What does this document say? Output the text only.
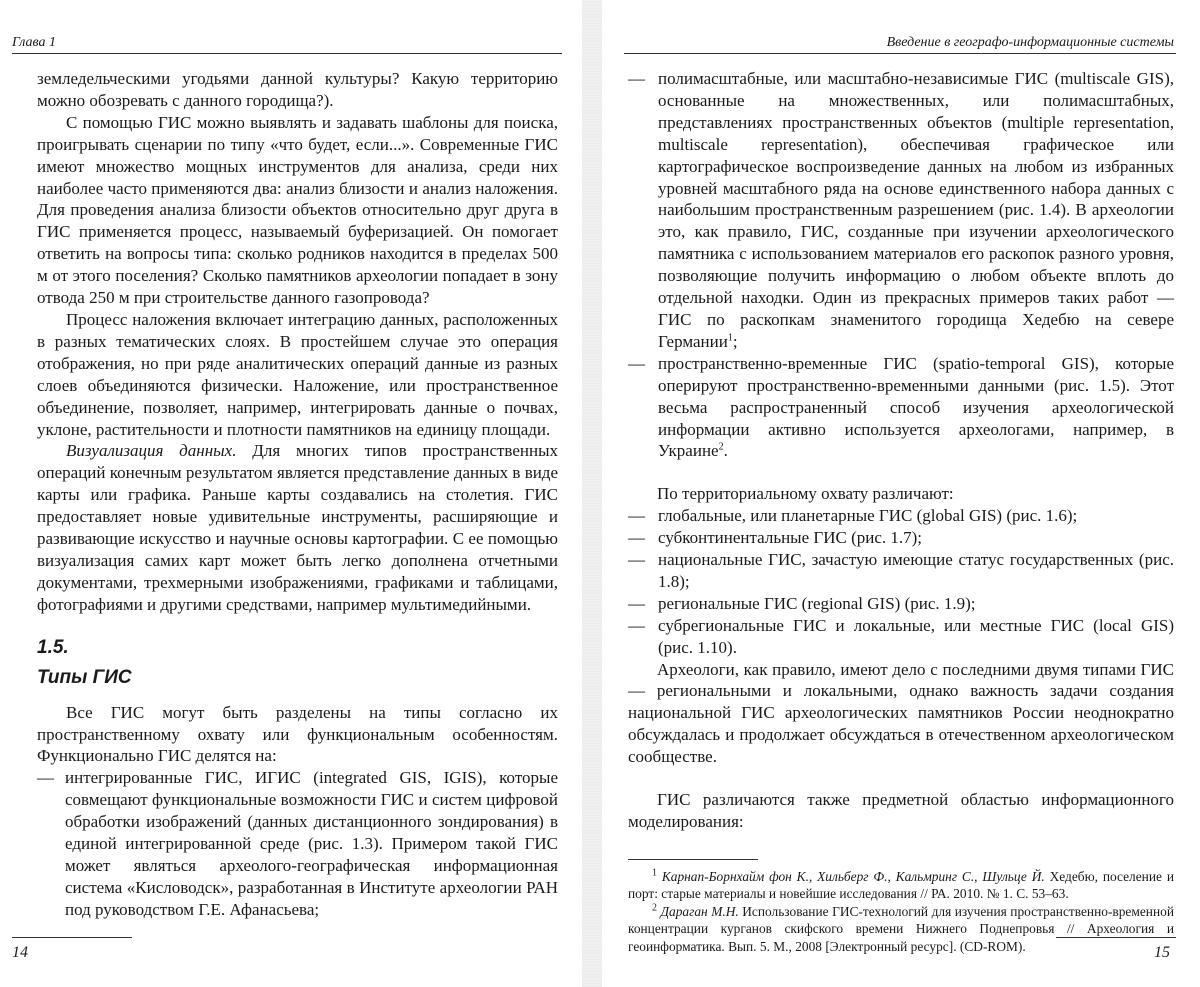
Глава 1

земледельческими угодьями данной культуры? Какую территорию можно обозревать с данного городища?).

С помощью ГИС можно выявлять и задавать шаблоны для поиска, проигрывать сценарии по типу «что будет, если...». Современные ГИС имеют множество мощных инструментов для анализа, среди них наиболее часто применяются два: анализ близости и анализ наложения. Для проведения анализа близости объектов относительно друг друга в ГИС применяется процесс, называемый буферизацией. Он помогает ответить на вопросы типа: сколько родников находится в пределах 500 м от этого поселения? Сколько памятников археологии попадает в зону отвода 250 м при строительстве данного газопровода?

Процесс наложения включает интеграцию данных, расположенных в разных тематических слоях. В простейшем случае это операция отображения, но при ряде аналитических операций данные из разных слоев объединяются физически. Наложение, или пространственное объединение, позволяет, например, интегрировать данные о почвах, уклоне, растительности и плотности памятников на единицу площади.

Визуализация данных. Для многих типов пространственных операций конечным результатом является представление данных в виде карты или графика. Раньше карты создавались на столетия. ГИС предоставляет новые удивительные инструменты, расширяющие и развивающие искусство и научные основы картографии. С ее помощью визуализация самих карт может быть легко дополнена отчетными документами, трехмерными изображениями, графиками и таблицами, фотографиями и другими средствами, например мультимедийными.

1.5.
Типы ГИС

Все ГИС могут быть разделены на типы согласно их пространственному охвату или функциональным особенностям. Функционально ГИС делятся на:

— интегрированные ГИС, ИГИС (integrated GIS, IGIS), которые совмещают функциональные возможности ГИС и систем цифровой обработки изображений (данных дистанционного зондирования) в единой интегрированной среде (рис. 1.3). Примером такой ГИС может являться археолого-географическая информационная система «Кисловодск», разработанная в Институте археологии РАН под руководством Г.Е. Афанасьева;
14
Введение в географо-информационные системы
— полимасштабные, или масштабно-независимые ГИС (multiscale GIS), основанные на множественных, или полимасштабных, представлениях пространственных объектов (multiple representation, multiscale representation), обеспечивая графическое или картографическое воспроизведение данных на любом из избранных уровней масштабного ряда на основе единственного набора данных с наибольшим пространственным разрешением (рис. 1.4). В археологии это, как правило, ГИС, созданные при изучении археологического памятника с использованием материалов его раскопок разного уровня, позволяющие получить информацию о любом объекте вплоть до отдельной находки. Один из прекрасных примеров таких работ — ГИС по раскопкам знаменитого городища Хедебю на севере Германии$^1$;
— пространственно-временные ГИС (spatio-temporal GIS), которые оперируют пространственно-временными данными (рис. 1.5). Этот весьма распространенный способ изучения археологической информации активно используется археологами, например, в Украине$^2$.

По территориальному охвату различают:

— глобальные, или планетарные ГИС (global GIS) (рис. 1.6);
— субконтинентальные ГИС (рис. 1.7);
— национальные ГИС, зачастую имеющие статус государственных (рис. 1.8);
— региональные ГИС (regional GIS) (рис. 1.9);
— субрегиональные ГИС и локальные, или местные ГИС (local GIS) (рис. 1.10).

Археологи, как правило, имеют дело с последними двумя типами ГИС — региональными и локальными, однако важность задачи создания национальной ГИС археологических памятников России неоднократно обсуждалась и продолжает обсуждаться в отечественном археологическом сообществе.

ГИС различаются также предметной областью информационного моделирования:

$^1$ Карнап-Борнхайм фон К., Хильберг Ф., Кальмринг С., Шульце Й. Хедебю, поселение и порт: старые материалы и новейшие исследования // РА. 2010. № 1. С. 53–63.

$^2$ Дараган М.Н. Использование ГИС-технологий для изучения пространственно-временной концентрации курганов скифского времени Нижнего Поднепровья // Археология и геоинформатика. Вып. 5. М., 2008 [Электронный ресурс]. (CD-ROM).	15
